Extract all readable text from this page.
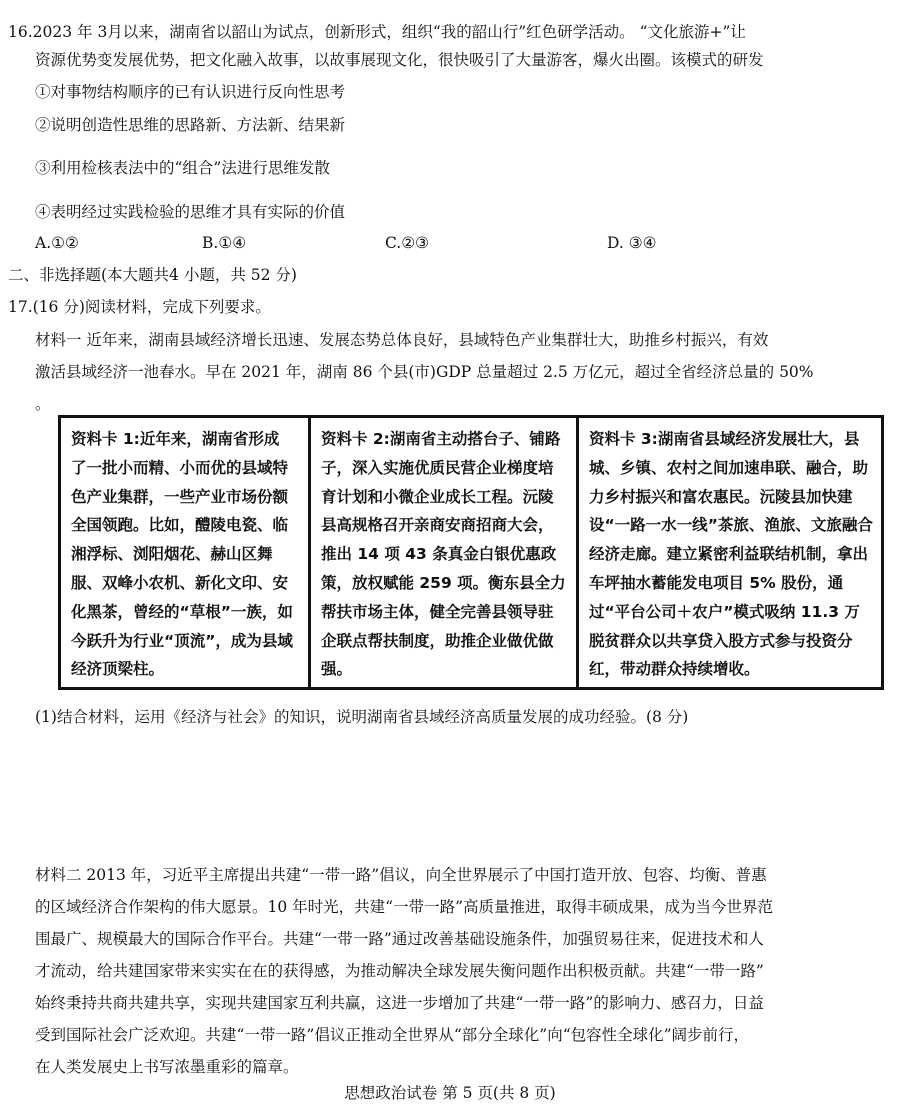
16.2023 年 3月以来，湖南省以韶山为试点，创新形式，组织“我的韶山行”红色研学活动。 “文化旅游+”让
资源优势变发展优势，把文化融入故事，以故事展现文化，很快吸引了大量游客，爆火出圈。该模式的研发
①对事物结构顺序的已有认识进行反向性思考
②说明创造性思维的思路新、方法新、结果新
③利用检核表法中的“组合”法进行思维发散
④表明经过实践检验的思维才具有实际的价值
A.①②	B.①④	C.②③	D. ③④
二、非选择题(本大题共4 小题，共 52 分)
17.(16 分)阅读材料，完成下列要求。
材料一 近年来，湖南县域经济增长迅速、发展态势总体良好，县域特色产业集群壮大，助推乡村振兴，有效
激活县域经济一池春水。早在 2021 年，湖南 86 个县(市)GDP 总量超过 2.5 万亿元，超过全省经济总量的 50%
。
资料卡 1:近年来，湖南省形成了一批小而精、小而优的县域特色产业集群，一些产业市场份额全国领跑。比如，醴陵电瓷、临湘浮标、浏阳烟花、赫山区舞服、双峰小农机、新化文印、安化黑茶，曾经的“草根”一族，如今跃升为行业“顶流”，成为县域经济顶梁柱。
资料卡 2:湖南省主动搭台子、铺路子，深入实施优质民营企业梯度培育计划和小微企业成长工程。沅陵县高规格召开亲商安商招商大会，推出 14 项 43 条真金白银优惠政策，放权赋能 259 项。衡东县全力帮扶市场主体，健全完善县领导驻企联点帮扶制度，助推企业做优做强。
资料卡 3:湖南省县域经济发展壮大，县城、乡镇、农村之间加速串联、融合，助力乡村振兴和富农惠民。沅陵县加快建设“一路一水一线”茶旅、渔旅、文旅融合经济走廊。建立紧密利益联结机制，拿出车坪抽水蓄能发电项目 5% 股份，通过“平台公司＋农户”模式吸纳 11.3 万脱贫群众以共享贷入股方式参与投资分红，带动群众持续增收。
(1)结合材料，运用《经济与社会》的知识，说明湖南省县域经济高质量发展的成功经验。(8 分)
材料二 2013 年，习近平主席提出共建“一带一路”倡议，向全世界展示了中国打造开放、包容、均衡、普惠
的区域经济合作架构的伟大愿景。10 年时光，共建“一带一路”高质量推进，取得丰硕成果，成为当今世界范
围最广、规模最大的国际合作平台。共建“一带一路”通过改善基础设施条件，加强贸易往来，促进技术和人
才流动，给共建国家带来实实在在的获得感，为推动解决全球发展失衡问题作出积极贡献。共建“一带一路”
始终秉持共商共建共享，实现共建国家互利共赢，这进一步增加了共建“一带一路”的影响力、感召力，日益
受到国际社会广泛欢迎。共建“一带一路”倡议正推动全世界从“部分全球化”向“包容性全球化”阔步前行，
在人类发展史上书写浓墨重彩的篇章。
思想政治试卷 第 5 页(共 8 页)
